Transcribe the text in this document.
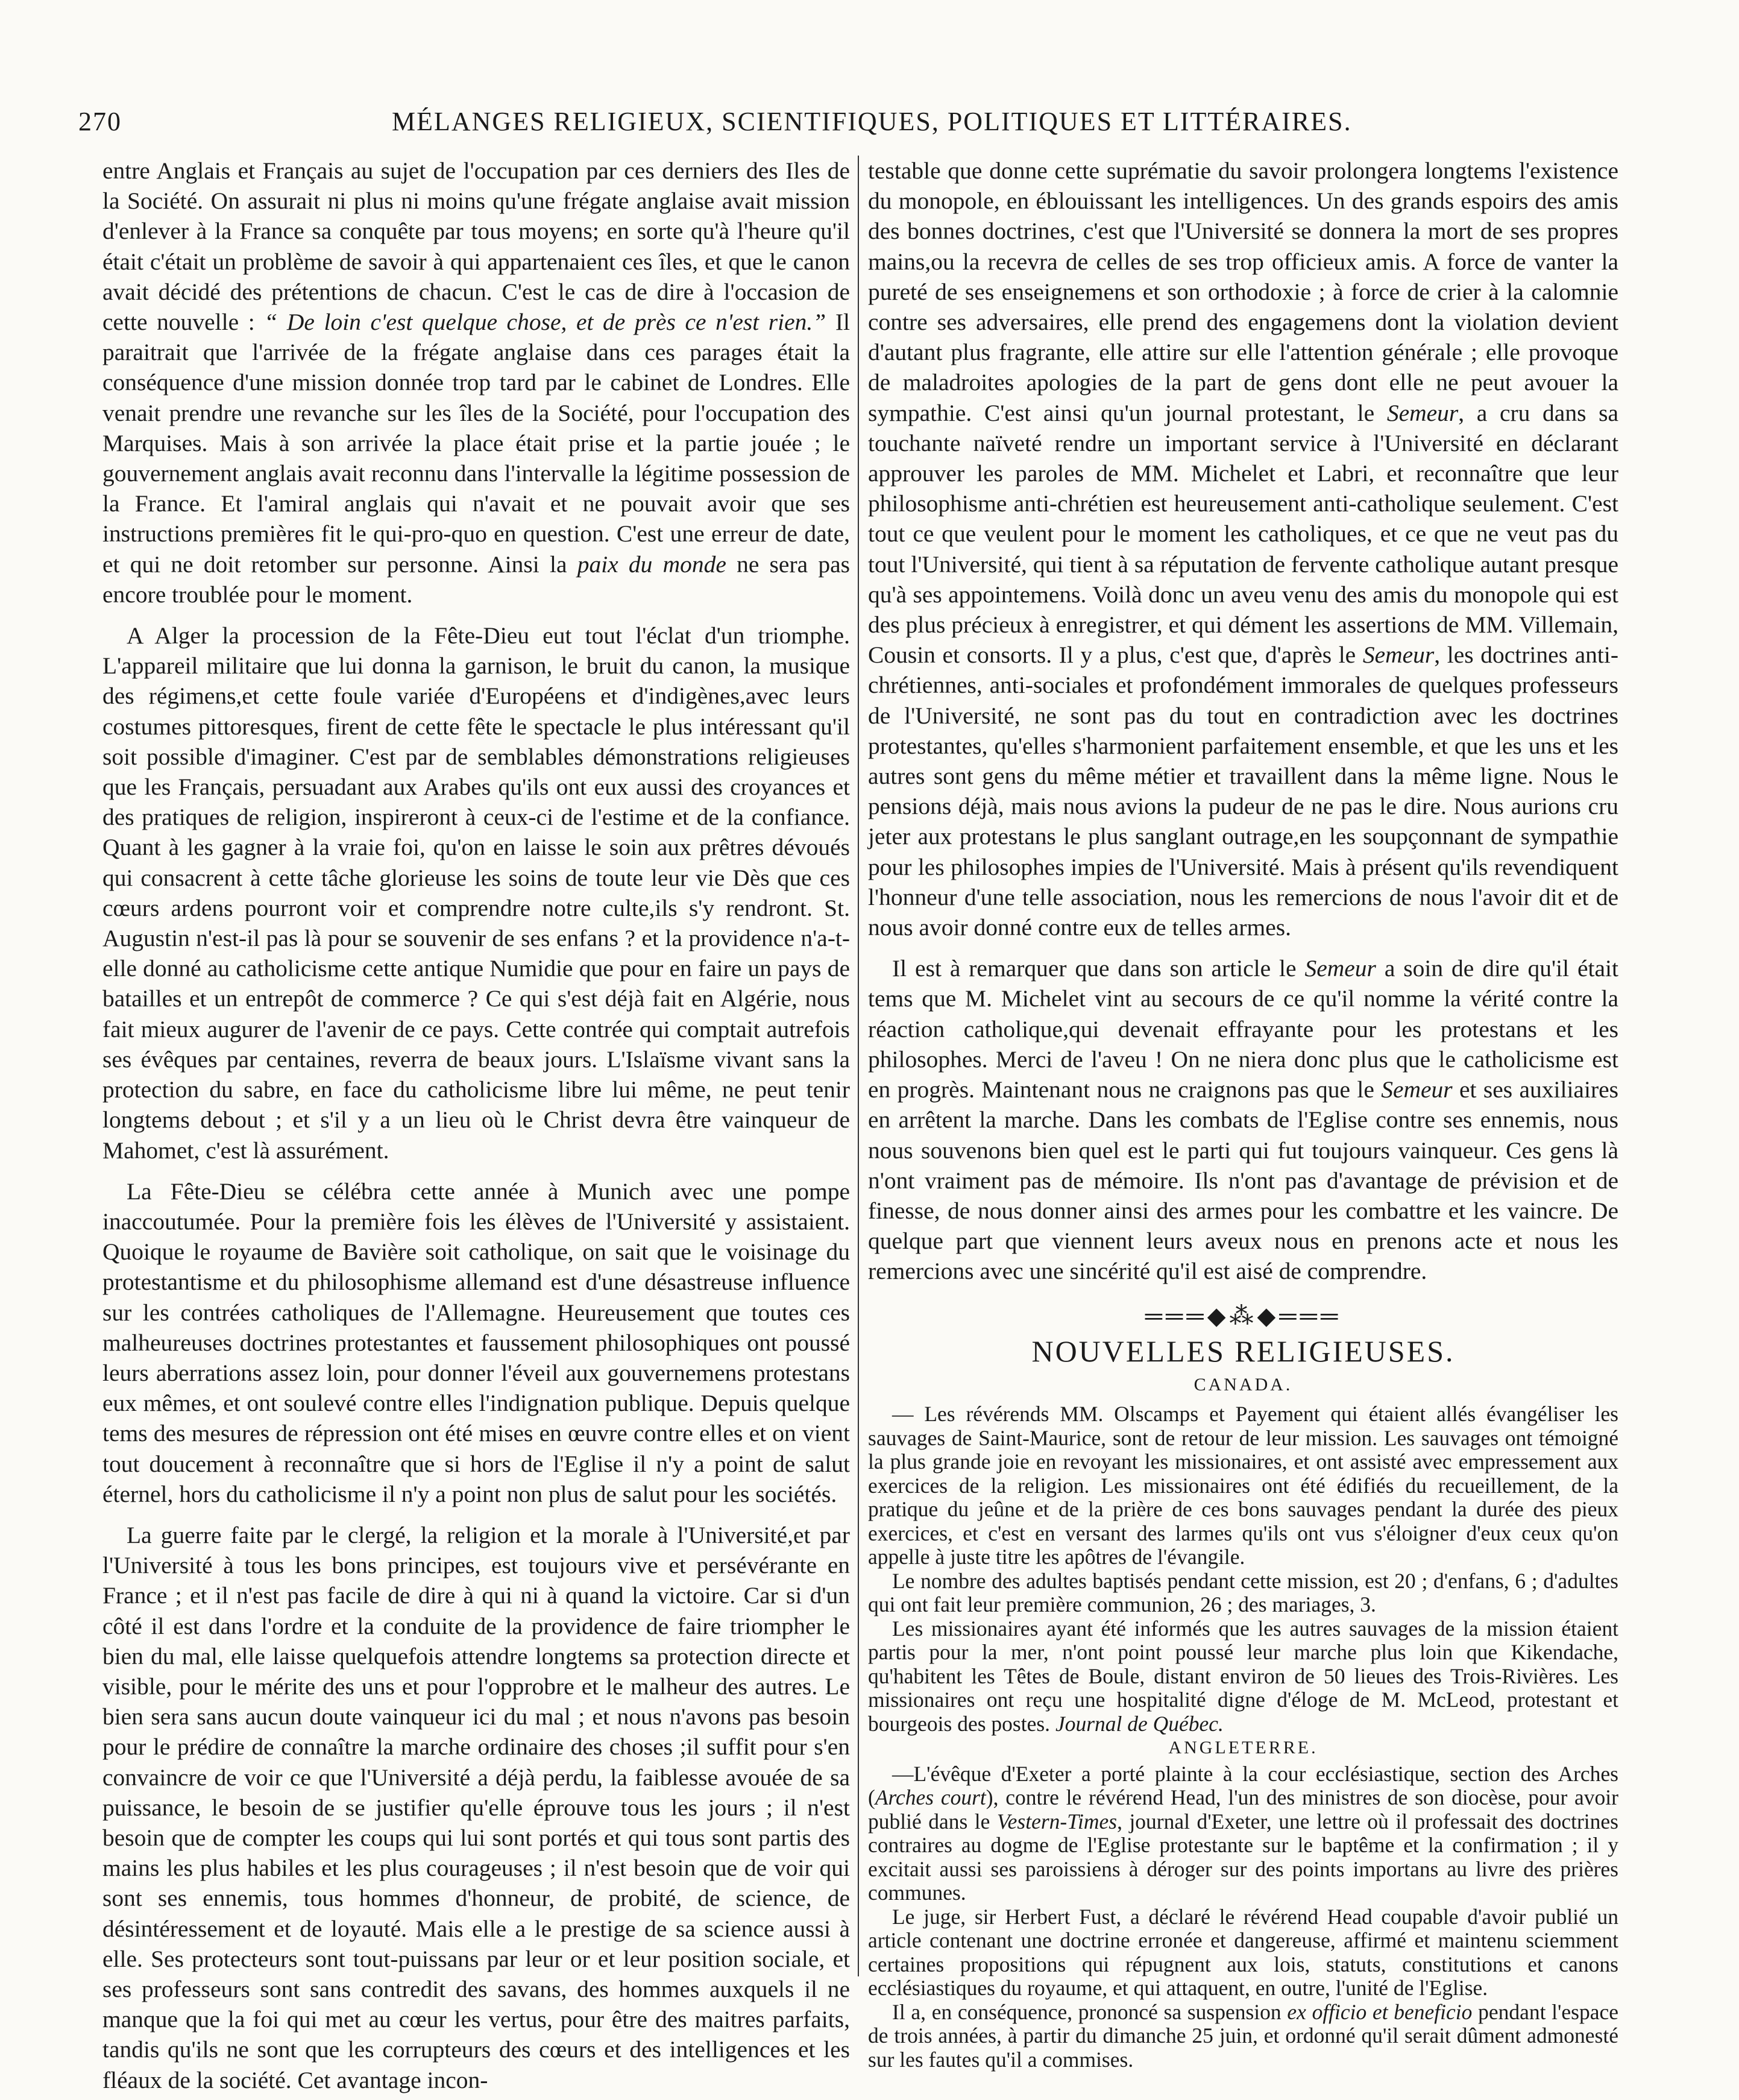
270	MÉLANGES RELIGIEUX, SCIENTIFIQUES, POLITIQUES ET LITTÉRAIRES.

entre Anglais et Français au sujet de l'occupation par ces derniers des Iles de la Société. On assurait ni plus ni moins qu'une frégate anglaise avait mission d'enlever à la France sa conquête par tous moyens; en sorte qu'à l'heure qu'il était c'était un problème de savoir à qui appartenaient ces îles, et que le canon avait décidé des prétentions de chacun. C'est le cas de dire à l'occasion de cette nouvelle : “ De loin c'est quelque chose, et de près ce n'est rien.” Il paraitrait que l'arrivée de la frégate anglaise dans ces parages était la conséquence d'une mission donnée trop tard par le cabinet de Londres. Elle venait prendre une revanche sur les îles de la Société, pour l'occupation des Marquises. Mais à son arrivée la place était prise et la partie jouée ; le gouvernement anglais avait reconnu dans l'intervalle la légitime possession de la France. Et l'amiral anglais qui n'avait et ne pouvait avoir que ses instructions premières fit le qui-pro-quo en question. C'est une erreur de date, et qui ne doit retomber sur personne. Ainsi la paix du monde ne sera pas encore troublée pour le moment.

A Alger la procession de la Fête-Dieu eut tout l'éclat d'un triomphe. L'appareil militaire que lui donna la garnison, le bruit du canon, la musique des régimens,et cette foule variée d'Européens et d'indigènes,avec leurs costumes pittoresques, firent de cette fête le spectacle le plus intéressant qu'il soit possible d'imaginer. C'est par de semblables démonstrations religieuses que les Français, persuadant aux Arabes qu'ils ont eux aussi des croyances et des pratiques de religion, inspireront à ceux-ci de l'estime et de la confiance. Quant à les gagner à la vraie foi, qu'on en laisse le soin aux prêtres dévoués qui consacrent à cette tâche glorieuse les soins de toute leur vie Dès que ces cœurs ardens pourront voir et comprendre notre culte,ils s'y rendront. St. Augustin n'est-il pas là pour se souvenir de ses enfans ? et la providence n'a-t-elle donné au catholicisme cette antique Numidie que pour en faire un pays de batailles et un entrepôt de commerce ? Ce qui s'est déjà fait en Algérie, nous fait mieux augurer de l'avenir de ce pays. Cette contrée qui comptait autrefois ses évêques par centaines, reverra de beaux jours. L'Islaïsme vivant sans la protection du sabre, en face du catholicisme libre lui même, ne peut tenir longtems debout ; et s'il y a un lieu où le Christ devra être vainqueur de Mahomet, c'est là assurément.

La Fête-Dieu se célébra cette année à Munich avec une pompe inaccoutumée. Pour la première fois les élèves de l'Université y assistaient. Quoique le royaume de Bavière soit catholique, on sait que le voisinage du protestantisme et du philosophisme allemand est d'une désastreuse influence sur les contrées catholiques de l'Allemagne. Heureusement que toutes ces malheureuses doctrines protestantes et faussement philosophiques ont poussé leurs aberrations assez loin, pour donner l'éveil aux gouvernemens protestans eux mêmes, et ont soulevé contre elles l'indignation publique. Depuis quelque tems des mesures de répression ont été mises en œuvre contre elles et on vient tout doucement à reconnaître que si hors de l'Eglise il n'y a point de salut éternel, hors du catholicisme il n'y a point non plus de salut pour les sociétés.

La guerre faite par le clergé, la religion et la morale à l'Université,et par l'Université à tous les bons principes, est toujours vive et persévérante en France ; et il n'est pas facile de dire à qui ni à quand la victoire. Car si d'un côté il est dans l'ordre et la conduite de la providence de faire triompher le bien du mal, elle laisse quelquefois attendre longtems sa protection directe et visible, pour le mérite des uns et pour l'opprobre et le malheur des autres. Le bien sera sans aucun doute vainqueur ici du mal ; et nous n'avons pas besoin pour le prédire de connaître la marche ordinaire des choses ;il suffit pour s'en convaincre de voir ce que l'Université a déjà perdu, la faiblesse avouée de sa puissance, le besoin de se justifier qu'elle éprouve tous les jours ; il n'est besoin que de compter les coups qui lui sont portés et qui tous sont partis des mains les plus habiles et les plus courageuses ; il n'est besoin que de voir qui sont ses ennemis, tous hommes d'honneur, de probité, de science, de désintéressement et de loyauté. Mais elle a le prestige de sa science aussi à elle. Ses protecteurs sont tout-puissans par leur or et leur position sociale, et ses professeurs sont sans contredit des savans, des hommes auxquels il ne manque que la foi qui met au cœur les vertus, pour être des maitres parfaits, tandis qu'ils ne sont que les corrupteurs des cœurs et des intelligences et les fléaux de la société. Cet avantage incon-

testable que donne cette suprématie du savoir prolongera longtems l'existence du monopole, en éblouissant les intelligences. Un des grands espoirs des amis des bonnes doctrines, c'est que l'Université se donnera la mort de ses propres mains,ou la recevra de celles de ses trop officieux amis. A force de vanter la pureté de ses enseignemens et son orthodoxie ; à force de crier à la calomnie contre ses adversaires, elle prend des engagemens dont la violation devient d'autant plus fragrante, elle attire sur elle l'attention générale ; elle provoque de maladroites apologies de la part de gens dont elle ne peut avouer la sympathie. C'est ainsi qu'un journal protestant, le Semeur, a cru dans sa touchante naïveté rendre un important service à l'Université en déclarant approuver les paroles de MM. Michelet et Labri, et reconnaître que leur philosophisme anti-chrétien est heureusement anti-catholique seulement. C'est tout ce que veulent pour le moment les catholiques, et ce que ne veut pas du tout l'Université, qui tient à sa réputation de fervente catholique autant presque qu'à ses appointemens. Voilà donc un aveu venu des amis du monopole qui est des plus précieux à enregistrer, et qui dément les assertions de MM. Villemain, Cousin et consorts. Il y a plus, c'est que, d'après le Semeur, les doctrines anti-chrétiennes, anti-sociales et profondément immorales de quelques professeurs de l'Université, ne sont pas du tout en contradiction avec les doctrines protestantes, qu'elles s'harmonient parfaitement ensemble, et que les uns et les autres sont gens du même métier et travaillent dans la même ligne. Nous le pensions déjà, mais nous avions la pudeur de ne pas le dire. Nous aurions cru jeter aux protestans le plus sanglant outrage,en les soupçonnant de sympathie pour les philosophes impies de l'Université. Mais à présent qu'ils revendiquent l'honneur d'une telle association, nous les remercions de nous l'avoir dit et de nous avoir donné contre eux de telles armes.

Il est à remarquer que dans son article le Semeur a soin de dire qu'il était tems que M. Michelet vint au secours de ce qu'il nomme la vérité contre la réaction catholique,qui devenait effrayante pour les protestans et les philosophes. Merci de l'aveu ! On ne niera donc plus que le catholicisme est en progrès. Maintenant nous ne craignons pas que le Semeur et ses auxiliaires en arrêtent la marche. Dans les combats de l'Eglise contre ses ennemis, nous nous souvenons bien quel est le parti qui fut toujours vainqueur. Ces gens là n'ont vraiment pas de mémoire. Ils n'ont pas d'avantage de prévision et de finesse, de nous donner ainsi des armes pour les combattre et les vaincre. De quelque part que viennent leurs aveux nous en prenons acte et nous les remercions avec une sincérité qu'il est aisé de comprendre.

═══◆⁂◆═══
NOUVELLES RELIGIEUSES.
CANADA.

— Les révérends MM. Olscamps et Payement qui étaient allés évangéliser les sauvages de Saint-Maurice, sont de retour de leur mission. Les sauvages ont témoigné la plus grande joie en revoyant les missionaires, et ont assisté avec empressement aux exercices de la religion. Les missionaires ont été édifiés du recueillement, de la pratique du jeûne et de la prière de ces bons sauvages pendant la durée des pieux exercices, et c'est en versant des larmes qu'ils ont vus s'éloigner d'eux ceux qu'on appelle à juste titre les apôtres de l'évangile.

Le nombre des adultes baptisés pendant cette mission, est 20 ; d'enfans, 6 ; d'adultes qui ont fait leur première communion, 26 ; des mariages, 3.

Les missionaires ayant été informés que les autres sauvages de la mission étaient partis pour la mer, n'ont point poussé leur marche plus loin que Kikendache, qu'habitent les Têtes de Boule, distant environ de 50 lieues des Trois-Rivières. Les missionaires ont reçu une hospitalité digne d'éloge de M. McLeod, protestant et bourgeois des postes. Journal de Québec.

ANGLETERRE.

—L'évêque d'Exeter a porté plainte à la cour ecclésiastique, section des Arches (Arches court), contre le révérend Head, l'un des ministres de son diocèse, pour avoir publié dans le Vestern-Times, journal d'Exeter, une lettre où il professait des doctrines contraires au dogme de l'Eglise protestante sur le baptême et la confirmation ; il y excitait aussi ses paroissiens à déroger sur des points importans au livre des prières communes.

Le juge, sir Herbert Fust, a déclaré le révérend Head coupable d'avoir publié un article contenant une doctrine erronée et dangereuse, affirmé et maintenu sciemment certaines propositions qui répugnent aux lois, statuts, constitutions et canons ecclésiastiques du royaume, et qui attaquent, en outre, l'unité de l'Eglise.

Il a, en conséquence, prononcé sa suspension ex officio et beneficio pendant l'espace de trois années, à partir du dimanche 25 juin, et ordonné qu'il serait dûment admonesté sur les fautes qu'il a commises.
